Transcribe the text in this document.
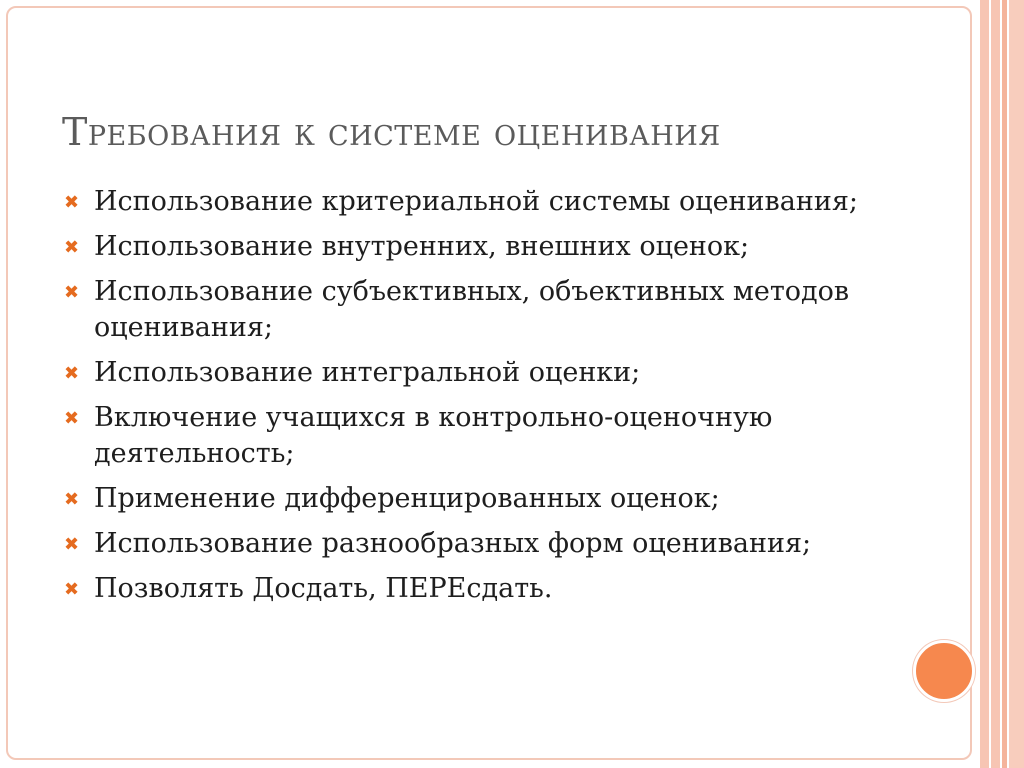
Требования к системе оценивания
✖ Использование критериальной системы оценивания;
✖ Использование внутренних, внешних оценок;
✖ Использование субъективных, объективных методов оценивания;
✖ Использование интегральной оценки;
✖ Включение учащихся в контрольно-оценочную деятельность;
✖ Применение дифференцированных оценок;
✖ Использование разнообразных форм оценивания;
✖ Позволять Досдать, ПЕРЕсдать.
